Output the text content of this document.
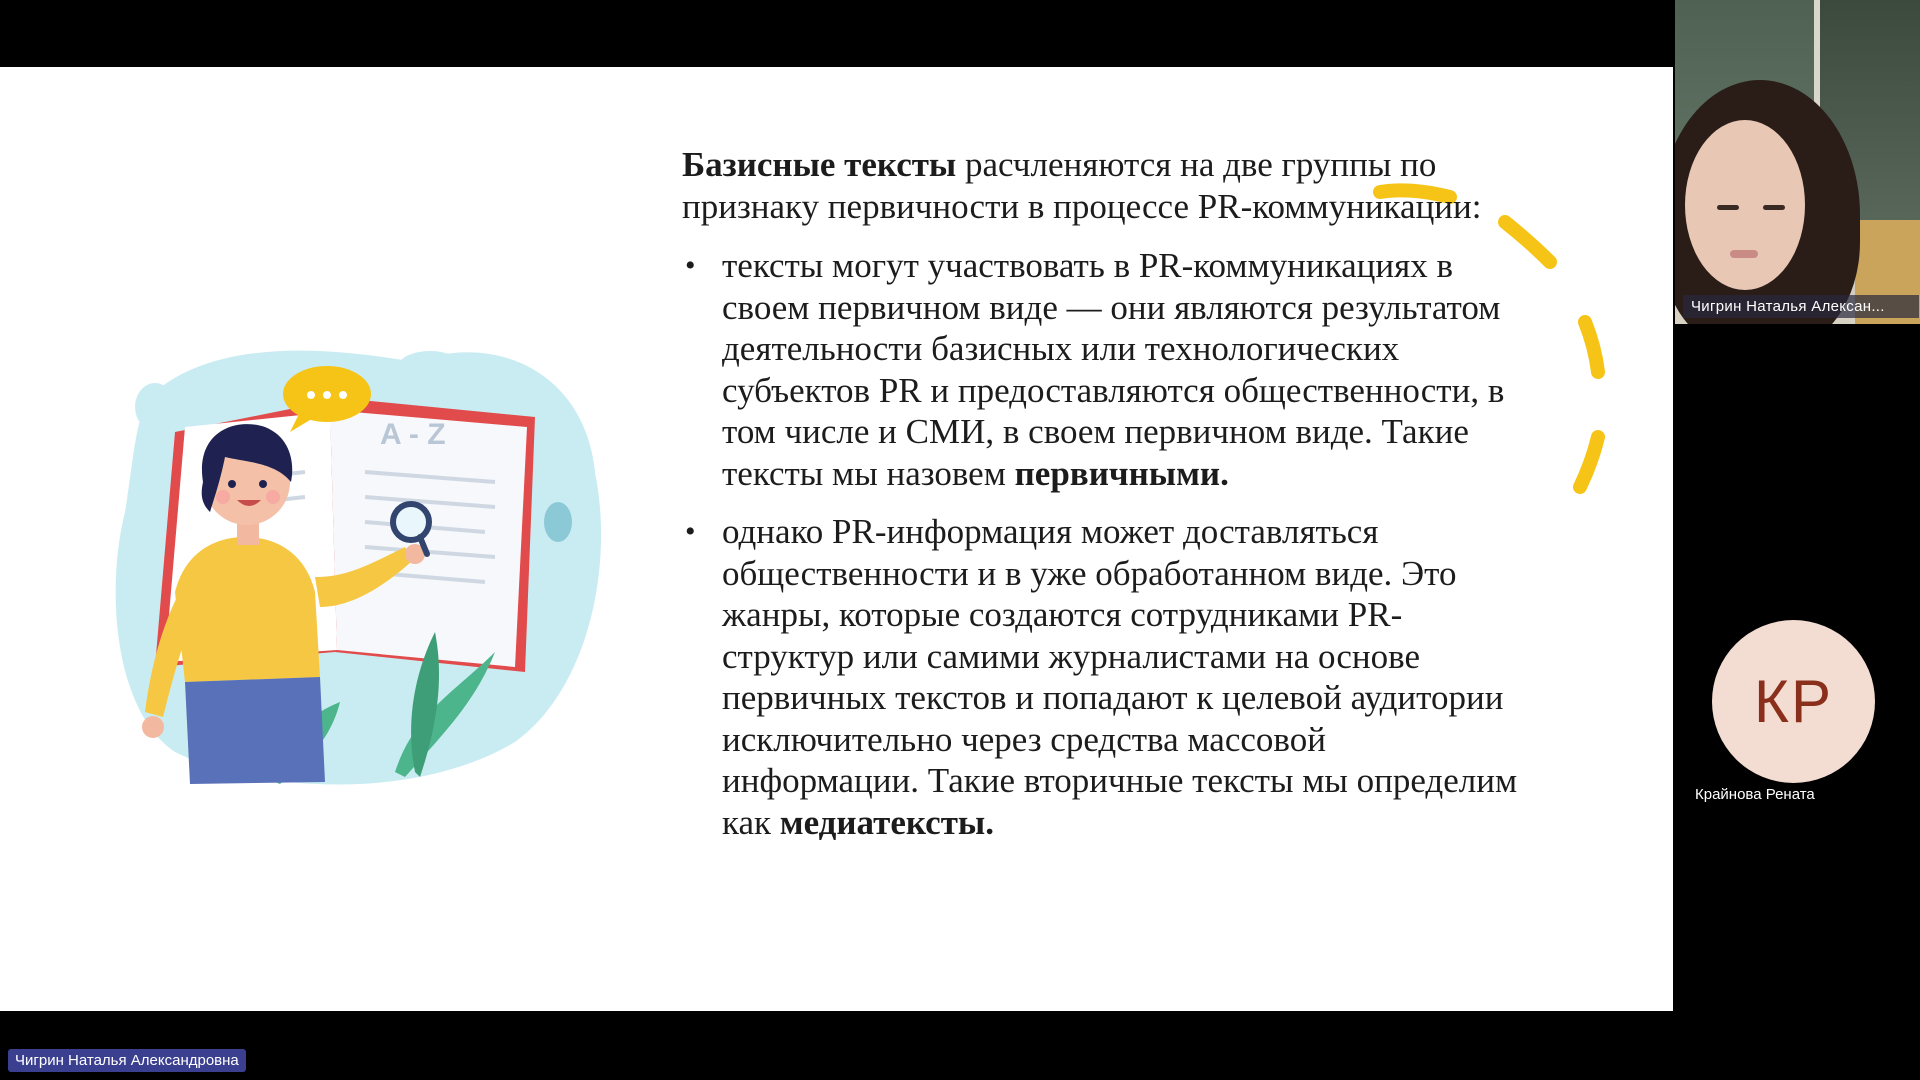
A - Z

Базисные тексты расчленяются на две группы по признаку первичности в процессе PR-коммуникации:

• тексты могут участвовать в PR-коммуникациях в своем первичном виде — они являются результатом деятельности базисных или технологических субъектов PR и предоставляются общественности, в том числе и СМИ, в своем первичном виде. Такие тексты мы назовем первичными.
• однако PR-информация может доставляться общественности и в уже обработанном виде. Это жанры, которые создаются сотрудниками PR-структур или самими журналистами на основе первичных текстов и попадают к целевой аудитории исключительно через средства массовой информации. Такие вторичные тексты мы определим как медиатексты.
Чигрин Наталья Алексан...
КР
Крайнова Рената
Чигрин Наталья Александровна
